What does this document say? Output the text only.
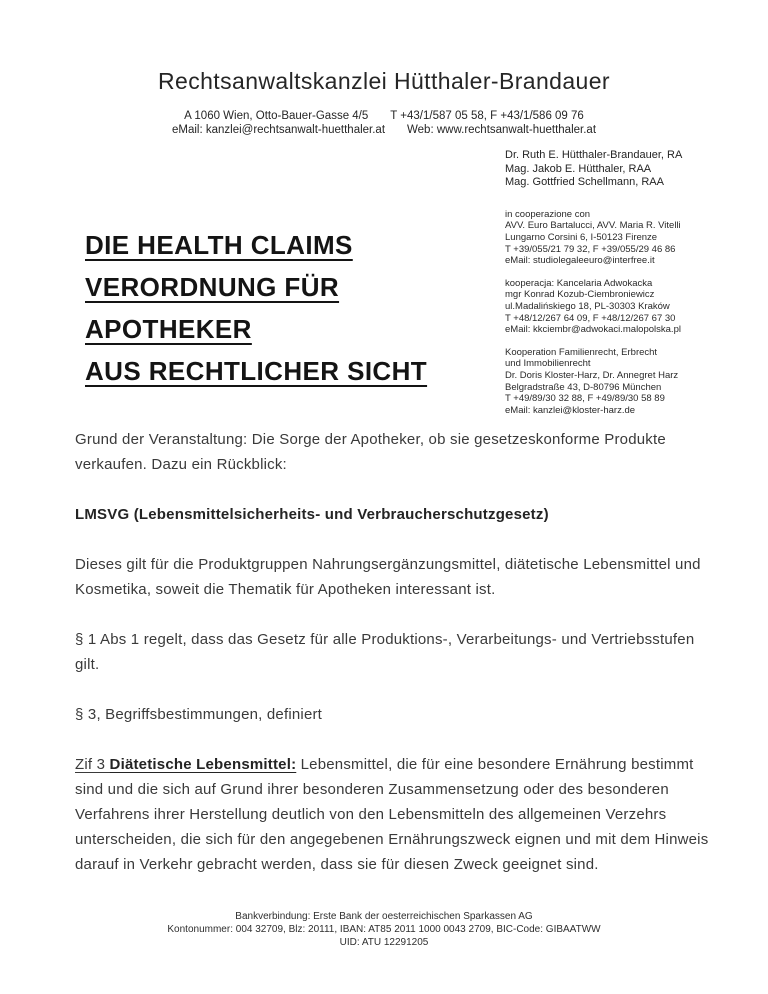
Rechtsanwaltskanzlei Hütthaler-Brandauer
A 1060 Wien, Otto-Bauer-Gasse 4/5 T +43/1/587 05 58, F +43/1/586 09 76
eMail: kanzlei@rechtsanwalt-huetthaler.at Web: www.rechtsanwalt-huetthaler.at
Dr. Ruth E. Hütthaler-Brandauer, RA
Mag. Jakob E. Hütthaler, RAA
Mag. Gottfried Schellmann, RAA
in cooperazione con
AVV. Euro Bartalucci, AVV. Maria R. Vitelli
Lungarno Corsini 6, I-50123 Firenze
T +39/055/21 79 32, F +39/055/29 46 86
eMail: studiolegaleeuro@interfree.it
kooperacja: Kancelaria Adwokacka
mgr Konrad Kozub-Ciembroniewicz
ul.Madalińskiego 18, PL-30303 Kraków
T +48/12/267 64 09, F +48/12/267 67 30
eMail: kkciembr@adwokaci.malopolska.pl
Kooperation Familienrecht, Erbrecht
und Immobilienrecht
Dr. Doris Kloster-Harz, Dr. Annegret Harz
Belgradstraße 43, D-80796 München
T +49/89/30 32 88, F +49/89/30 58 89
eMail: kanzlei@kloster-harz.de
DIE HEALTH CLAIMS
VERORDNUNG FÜR APOTHEKER
AUS RECHTLICHER SICHT

Grund der Veranstaltung: Die Sorge der Apotheker, ob sie gesetzeskonforme Produkte verkaufen. Dazu ein Rückblick:

LMSVG (Lebensmittelsicherheits- und Verbraucherschutzgesetz)

Dieses gilt für die Produktgruppen Nahrungsergänzungsmittel, diätetische Lebensmittel und Kosmetika, soweit die Thematik für Apotheken interessant ist.

§ 1 Abs 1 regelt, dass das Gesetz für alle Produktions-, Verarbeitungs- und Vertriebsstufen gilt.

§ 3, Begriffsbestimmungen, definiert

Zif 3 Diätetische Lebensmittel: Lebensmittel, die für eine besondere Ernährung bestimmt sind und die sich auf Grund ihrer besonderen Zusammensetzung oder des besonderen Verfahrens ihrer Herstellung deutlich von den Lebensmitteln des allgemeinen Verzehrs unterscheiden, die sich für den angegebenen Ernährungszweck eignen und mit dem Hinweis darauf in Verkehr gebracht werden, dass sie für diesen Zweck geeignet sind.

Bankverbindung: Erste Bank der oesterreichischen Sparkassen AG
Kontonummer: 004 32709, Blz: 20111, IBAN: AT85 2011 1000 0043 2709, BIC-Code: GIBAATWW
UID: ATU 12291205
